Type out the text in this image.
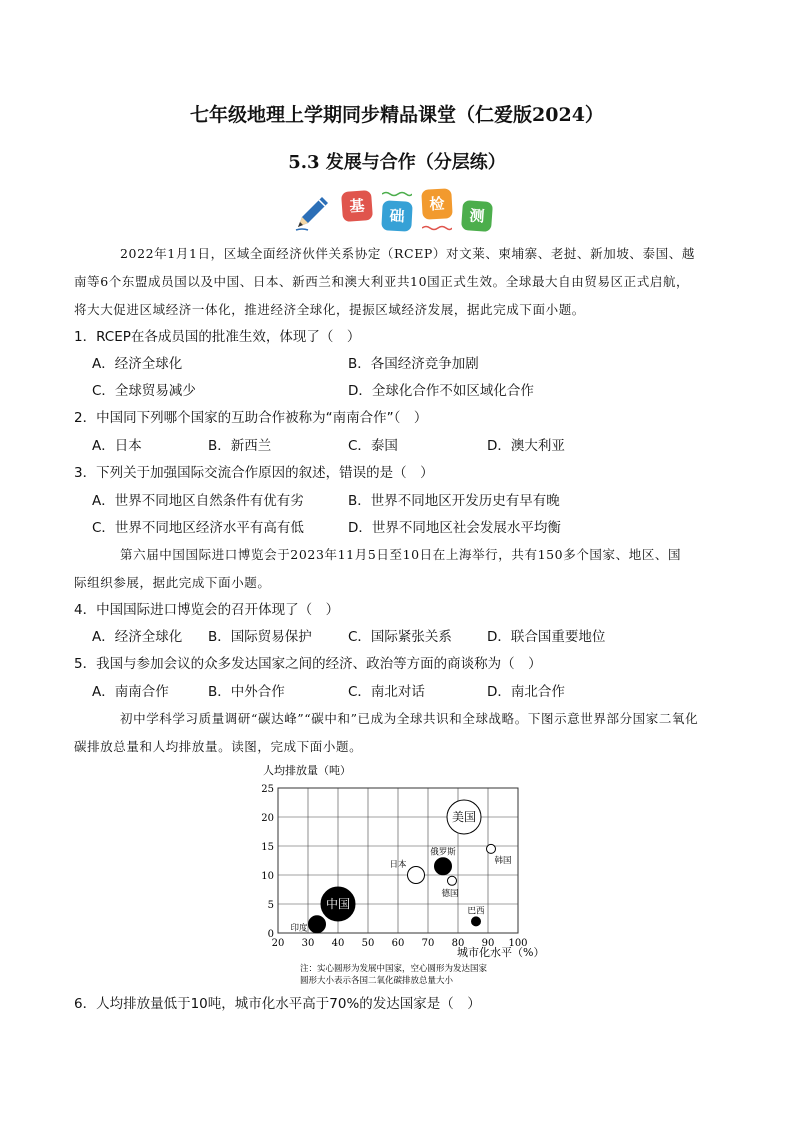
七年级地理上学期同步精品课堂（仁爱版2024）
5.3 发展与合作（分层练）
基
础
检
测
2022年1月1日，区域全面经济伙伴关系协定（RCEP）对文莱、柬埔寨、老挝、新加坡、泰国、越
南等6个东盟成员国以及中国、日本、新西兰和澳大利亚共10国正式生效。全球最大自由贸易区正式启航，
将大大促进区域经济一体化，推进经济全球化，提振区域经济发展，据此完成下面小题。
1．RCEP在各成员国的批准生效，体现了（　）
A．经济全球化	B．各国经济竞争加剧
C．全球贸易减少	D．全球化合作不如区域化合作
2．中国同下列哪个国家的互助合作被称为“南南合作”（　）
A．日本	B．新西兰	C．泰国	D．澳大利亚
3．下列关于加强国际交流合作原因的叙述，错误的是（　）
A．世界不同地区自然条件有优有劣	B．世界不同地区开发历史有早有晚
C．世界不同地区经济水平有高有低	D．世界不同地区社会发展水平均衡
第六届中国国际进口博览会于2023年11月5日至10日在上海举行，共有150多个国家、地区、国
际组织参展，据此完成下面小题。
4．中国国际进口博览会的召开体现了（　）
A．经济全球化 B．国际贸易保护	C．国际紧张关系	D．联合国重要地位
5．我国与参加会议的众多发达国家之间的经济、政治等方面的商谈称为（　）
A．南南合作	B．中外合作	C．南北对话	D．南北合作
初中学科学习质量调研“碳达峰”“碳中和”已成为全球共识和全球战略。下图示意世界部分国家二氧化
碳排放总量和人均排放量。读图，完成下面小题。
人均排放量（吨）
20 30 40 50 60 70 80 90 100
0
5
10
15
20
25
美国
中国
俄罗斯
日本
印度
韩国
德国
巴西
城市化水平（%）
注：实心圆形为发展中国家，空心圆形为发达国家
圆形大小表示各国二氧化碳排放总量大小
6．人均排放量低于10吨，城市化水平高于70%的发达国家是（　）
